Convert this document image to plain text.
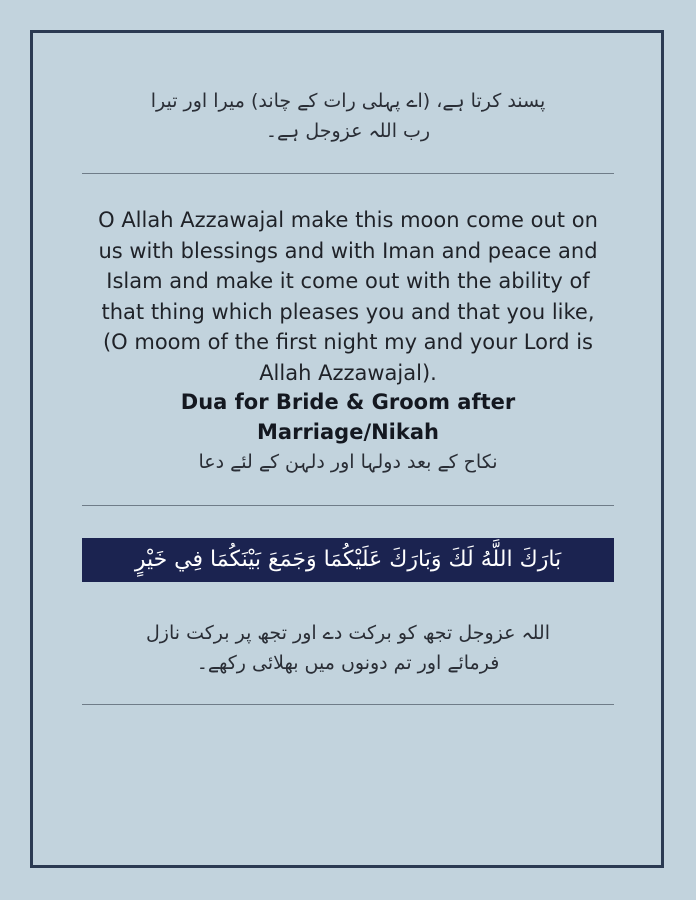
پسند کرتا ہے، (اے پہلی رات کے چاند) میرا اور تیرا
رب اللہ عزوجل ہے۔
O Allah Azzawajal make this moon come out on
us with blessings and with Iman and peace and
Islam and make it come out with the ability of
that thing which pleases you and that you like,
(O moom of the first night my and your Lord is
Allah Azzawajal).
Dua for Bride & Groom after
Marriage/Nikah
نکاح کے بعد دولہا اور دلہن کے لئے دعا
بَارَكَ اللَّهُ لَكَ وَبَارَكَ عَلَيْكُمَا وَجَمَعَ بَيْنَكُمَا فِي خَيْرٍ
اللہ عزوجل تجھ کو برکت دے اور تجھ پر برکت نازل
فرمائے اور تم دونوں میں بھلائی رکھے۔
